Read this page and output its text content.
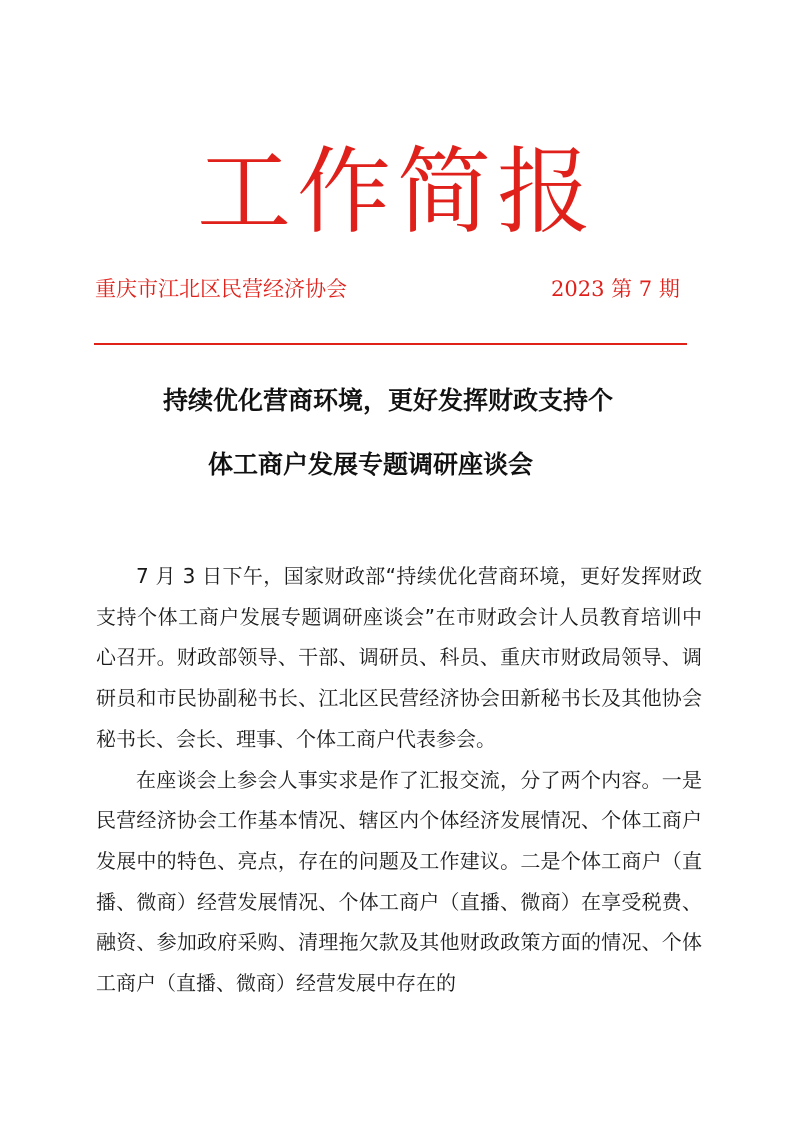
工作简报
重庆市江北区民营经济协会	2023 第 7 期
持续优化营商环境，更好发挥财政支持个
体工商户发展专题调研座谈会

7 月 3 日下午，国家财政部“持续优化营商环境，更好发挥财政支持个体工商户发展专题调研座谈会”在市财政会计人员教育培训中心召开。财政部领导、干部、调研员、科员、重庆市财政局领导、调研员和市民协副秘书长、江北区民营经济协会田新秘书长及其他协会秘书长、会长、理事、个体工商户代表参会。

在座谈会上参会人事实求是作了汇报交流，分了两个内容。一是民营经济协会工作基本情况、辖区内个体经济发展情况、个体工商户发展中的特色、亮点，存在的问题及工作建议。二是个体工商户（直播、微商）经营发展情况、个体工商户（直播、微商）在享受税费、融资、参加政府采购、清理拖欠款及其他财政政策方面的情况、个体工商户（直播、微商）经营发展中存在的
